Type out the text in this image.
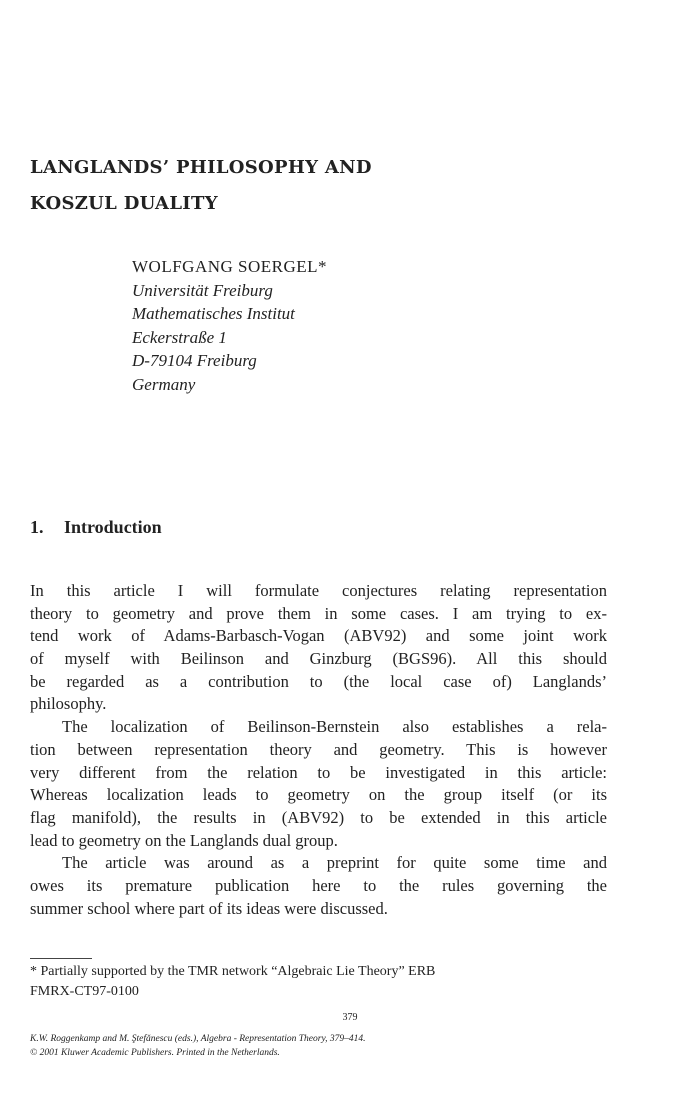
LANGLANDS’ PHILOSOPHY AND
KOSZUL DUALITY
WOLFGANG SOERGEL*
Universität Freiburg
Mathematisches Institut
Eckerstraße 1
D-79104 Freiburg
Germany
1. Introduction
In this article I will formulate conjectures relating representation
theory to geometry and prove them in some cases. I am trying to ex-
tend work of Adams-Barbasch-Vogan (ABV92) and some joint work
of myself with Beilinson and Ginzburg (BGS96). All this should
be regarded as a contribution to (the local case of) Langlands’
philosophy.
The localization of Beilinson-Bernstein also establishes a rela-
tion between representation theory and geometry. This is however
very different from the relation to be investigated in this article:
Whereas localization leads to geometry on the group itself (or its
flag manifold), the results in (ABV92) to be extended in this article
lead to geometry on the Langlands dual group.
The article was around as a preprint for quite some time and
owes its premature publication here to the rules governing the
summer school where part of its ideas were discussed.
* Partially supported by the TMR network “Algebraic Lie Theory” ERB
FMRX-CT97-0100
379
K.W. Roggenkamp and M. Ştefănescu (eds.), Algebra - Representation Theory, 379–414.
© 2001 Kluwer Academic Publishers. Printed in the Netherlands.
